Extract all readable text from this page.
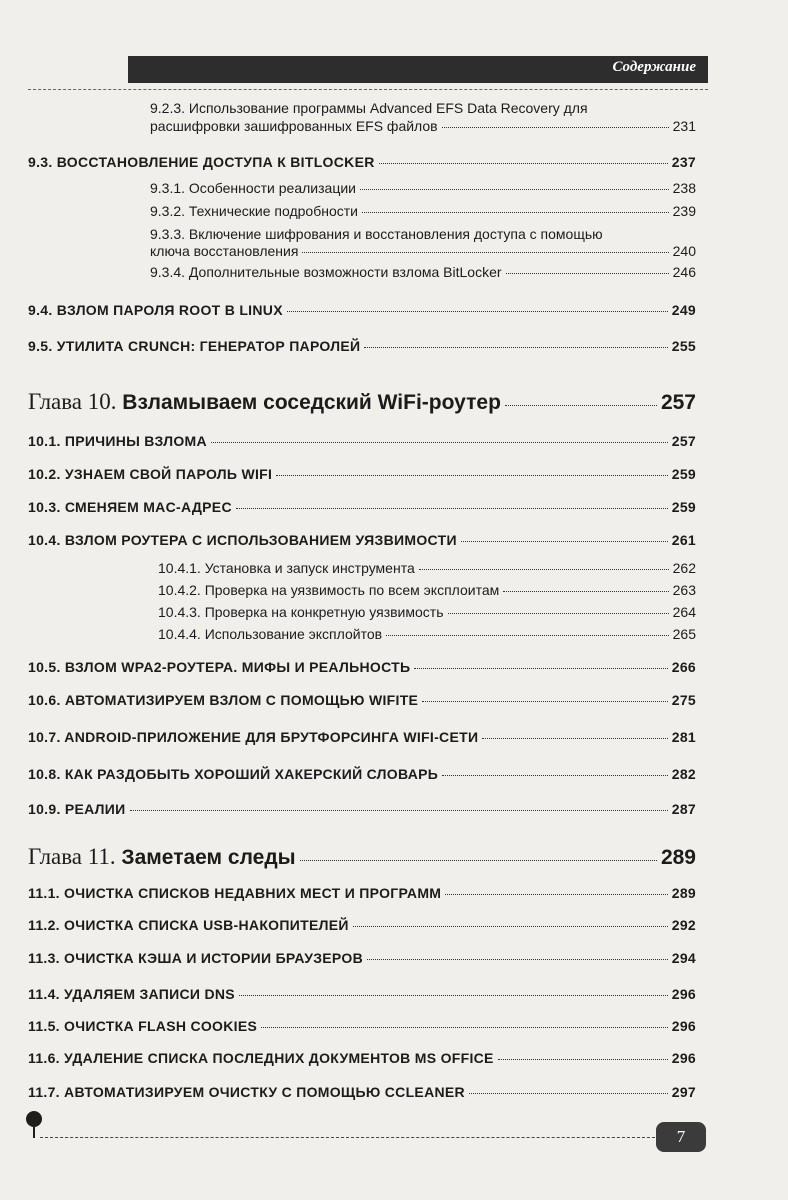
Содержание
9.2.3. Использование программы Advanced EFS Data Recovery для
расшифровки зашифрованных EFS файлов	231
9.3. ВОССТАНОВЛЕНИЕ ДОСТУПА К BITLOCKER	237
9.3.1. Особенности реализации	238
9.3.2. Технические подробности	239
9.3.3. Включение шифрования и восстановления доступа с помощью
ключа восстановления	240
9.3.4. Дополнительные возможности взлома BitLocker	246
9.4. ВЗЛОМ ПАРОЛЯ ROOT В LINUX	249
9.5. УТИЛИТА CRUNCH: ГЕНЕРАТОР ПАРОЛЕЙ	255
Глава 10.
Взламываем соседский WiFi-роутер	257
10.1. ПРИЧИНЫ ВЗЛОМА	257
10.2. УЗНАЕМ СВОЙ ПАРОЛЬ WIFI	259
10.3. СМЕНЯЕМ MAC-АДРЕС	259
10.4. ВЗЛОМ РОУТЕРА С ИСПОЛЬЗОВАНИЕМ УЯЗВИМОСТИ	261
10.4.1. Установка и запуск инструмента	262
10.4.2. Проверка на уязвимость по всем эксплоитам	263
10.4.3. Проверка на конкретную уязвимость	264
10.4.4. Использование эксплойтов	265
10.5. ВЗЛОМ WPA2-РОУТЕРА. МИФЫ И РЕАЛЬНОСТЬ	266
10.6. АВТОМАТИЗИРУЕМ ВЗЛОМ С ПОМОЩЬЮ WIFITE	275
10.7. ANDROID-ПРИЛОЖЕНИЕ ДЛЯ БРУТФОРСИНГА WIFI-СЕТИ	281
10.8. КАК РАЗДОБЫТЬ ХОРОШИЙ ХАКЕРСКИЙ СЛОВАРЬ	282
10.9. РЕАЛИИ	287
Глава 11.
Заметаем следы	289
11.1. ОЧИСТКА СПИСКОВ НЕДАВНИХ МЕСТ И ПРОГРАММ	289
11.2. ОЧИСТКА СПИСКА USB-НАКОПИТЕЛЕЙ	292
11.3. ОЧИСТКА КЭША И ИСТОРИИ БРАУЗЕРОВ	294
11.4. УДАЛЯЕМ ЗАПИСИ DNS	296
11.5. ОЧИСТКА FLASH COOKIES	296
11.6. УДАЛЕНИЕ СПИСКА ПОСЛЕДНИХ ДОКУМЕНТОВ MS OFFICE	296
11.7. АВТОМАТИЗИРУЕМ ОЧИСТКУ С ПОМОЩЬЮ CCLEANER	297
7
